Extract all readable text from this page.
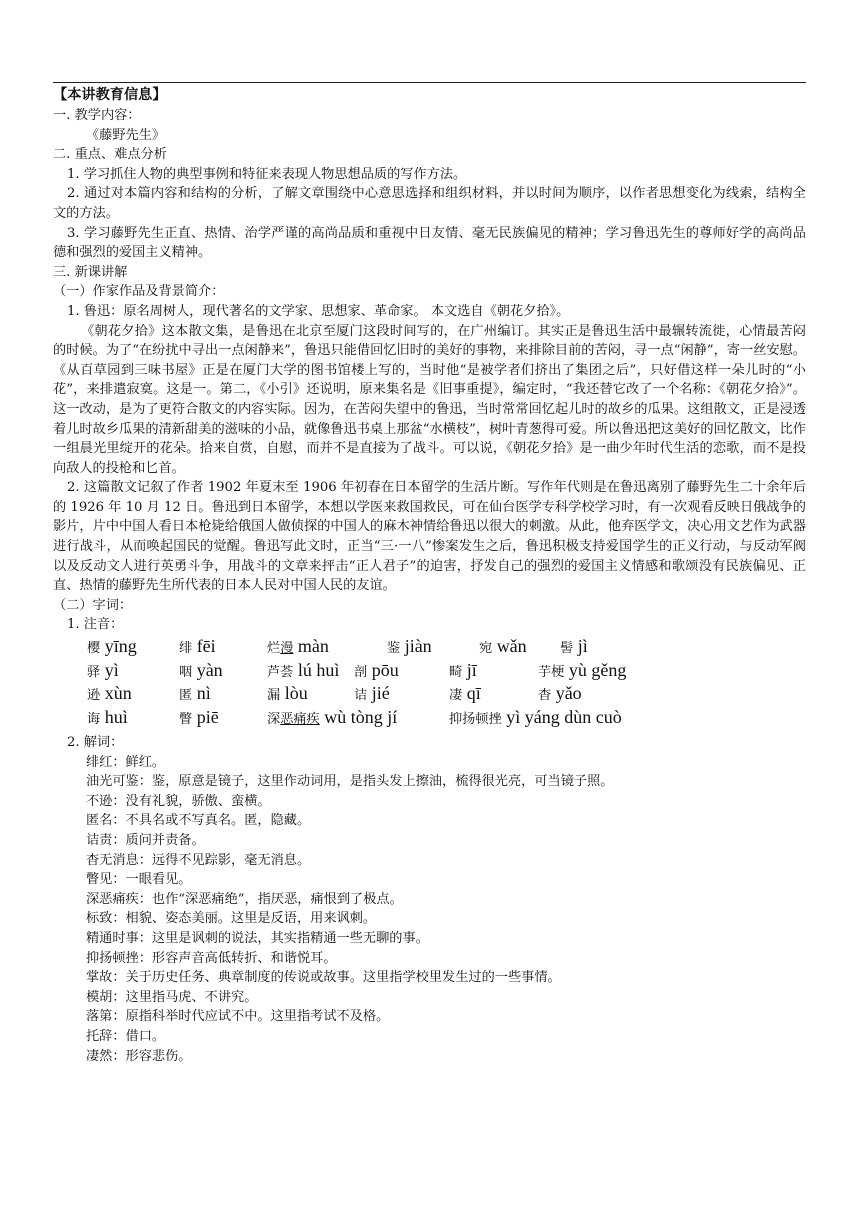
【本讲教育信息】

一. 教学内容：

《藤野先生》

二. 重点、难点分析

1. 学习抓住人物的典型事例和特征来表现人物思想品质的写作方法。

2. 通过对本篇内容和结构的分析，了解文章围绕中心意思选择和组织材料，并以时间为顺序，以作者思想变化为线索，结构全文的方法。

3. 学习藤野先生正直、热情、治学严谨的高尚品质和重视中日友情、毫无民族偏见的精神；学习鲁迅先生的尊师好学的高尚品德和强烈的爱国主义精神。

三. 新课讲解

（一）作家作品及背景简介：

1. 鲁迅：原名周树人，现代著名的文学家、思想家、革命家。 本文选自《朝花夕拾》。

《朝花夕拾》这本散文集，是鲁迅在北京至厦门这段时间写的，在广州编订。其实正是鲁迅生活中最辗转流徙，心情最苦闷的时候。为了“在纷扰中寻出一点闲静来”，鲁迅只能借回忆旧时的美好的事物，来排除目前的苦闷，寻一点“闲静”，寄一丝安慰。《从百草园到三味书屋》正是在厦门大学的图书馆楼上写的，当时他“是被学者们挤出了集团之后”，只好借这样一朵儿时的“小花”，来排遣寂寞。这是一。第二，《小引》还说明，原来集名是《旧事重提》，编定时，“我还替它改了一个名称：《朝花夕拾》”。这一改动，是为了更符合散文的内容实际。因为，在苦闷失望中的鲁迅，当时常常回忆起儿时的故乡的瓜果。这组散文，正是浸透着儿时故乡瓜果的清新甜美的滋味的小品，就像鲁迅书桌上那盆“水横枝”，树叶青葱得可爱。所以鲁迅把这美好的回忆散文，比作一组晨光里绽开的花朵。拾来自赏，自慰，而并不是直接为了战斗。可以说，《朝花夕拾》是一曲少年时代生活的恋歌，而不是投向敌人的投枪和匕首。

2. 这篇散文记叙了作者 1902 年夏末至 1906 年初春在日本留学的生活片断。写作年代则是在鲁迅离别了藤野先生二十余年后的 1926 年 10 月 12 日。鲁迅到日本留学，本想以学医来救国救民，可在仙台医学专科学校学习时，有一次观看反映日俄战争的影片，片中中国人看日本枪毙给俄国人做侦探的中国人的麻木神情给鲁迅以很大的刺激。从此，他弃医学文，决心用文艺作为武器进行战斗，从而唤起国民的觉醒。鲁迅写此文时，正当“三·一八”惨案发生之后，鲁迅积极支持爱国学生的正义行动，与反动军阀以及反动文人进行英勇斗争，用战斗的文章来抨击“正人君子”的迫害，抒发自己的强烈的爱国主义情感和歌颂没有民族偏见、正直、热情的藤野先生所代表的日本人民对中国人民的友谊。

（二）字词：

1. 注音：

樱 yīng	绯 fēi	烂漫 màn	鉴 jiàn	宛 wǎn	髻 jì
驿 yì	咽 yàn	芦荟 lú huì 剖 pōu	畸 jī	芋梗 yù gěng
逊 xùn	匿 nì	漏 lòu	诘 jié	凄 qī	杳 yǎo
诲 huì	瞥 piē	深恶痛疾 wù tòng jí	抑扬顿挫 yì yáng dùn cuò

2. 解词：

绯红：鲜红。

油光可鉴：鉴，原意是镜子，这里作动词用，是指头发上擦油，梳得很光亮，可当镜子照。

不逊：没有礼貌，骄傲、蛮横。

匿名：不具名或不写真名。匿，隐藏。

诘责：质问并责备。

杳无消息：远得不见踪影，毫无消息。

瞥见：一眼看见。

深恶痛疾：也作“深恶痛绝”，指厌恶，痛恨到了极点。

标致：相貌、姿态美丽。这里是反语，用来讽刺。

精通时事：这里是讽刺的说法，其实指精通一些无聊的事。

抑扬顿挫：形容声音高低转折、和谐悦耳。

掌故：关于历史任务、典章制度的传说或故事。这里指学校里发生过的一些事情。

模胡：这里指马虎、不讲究。

落第：原指科举时代应试不中。这里指考试不及格。

托辞：借口。

凄然：形容悲伤。
